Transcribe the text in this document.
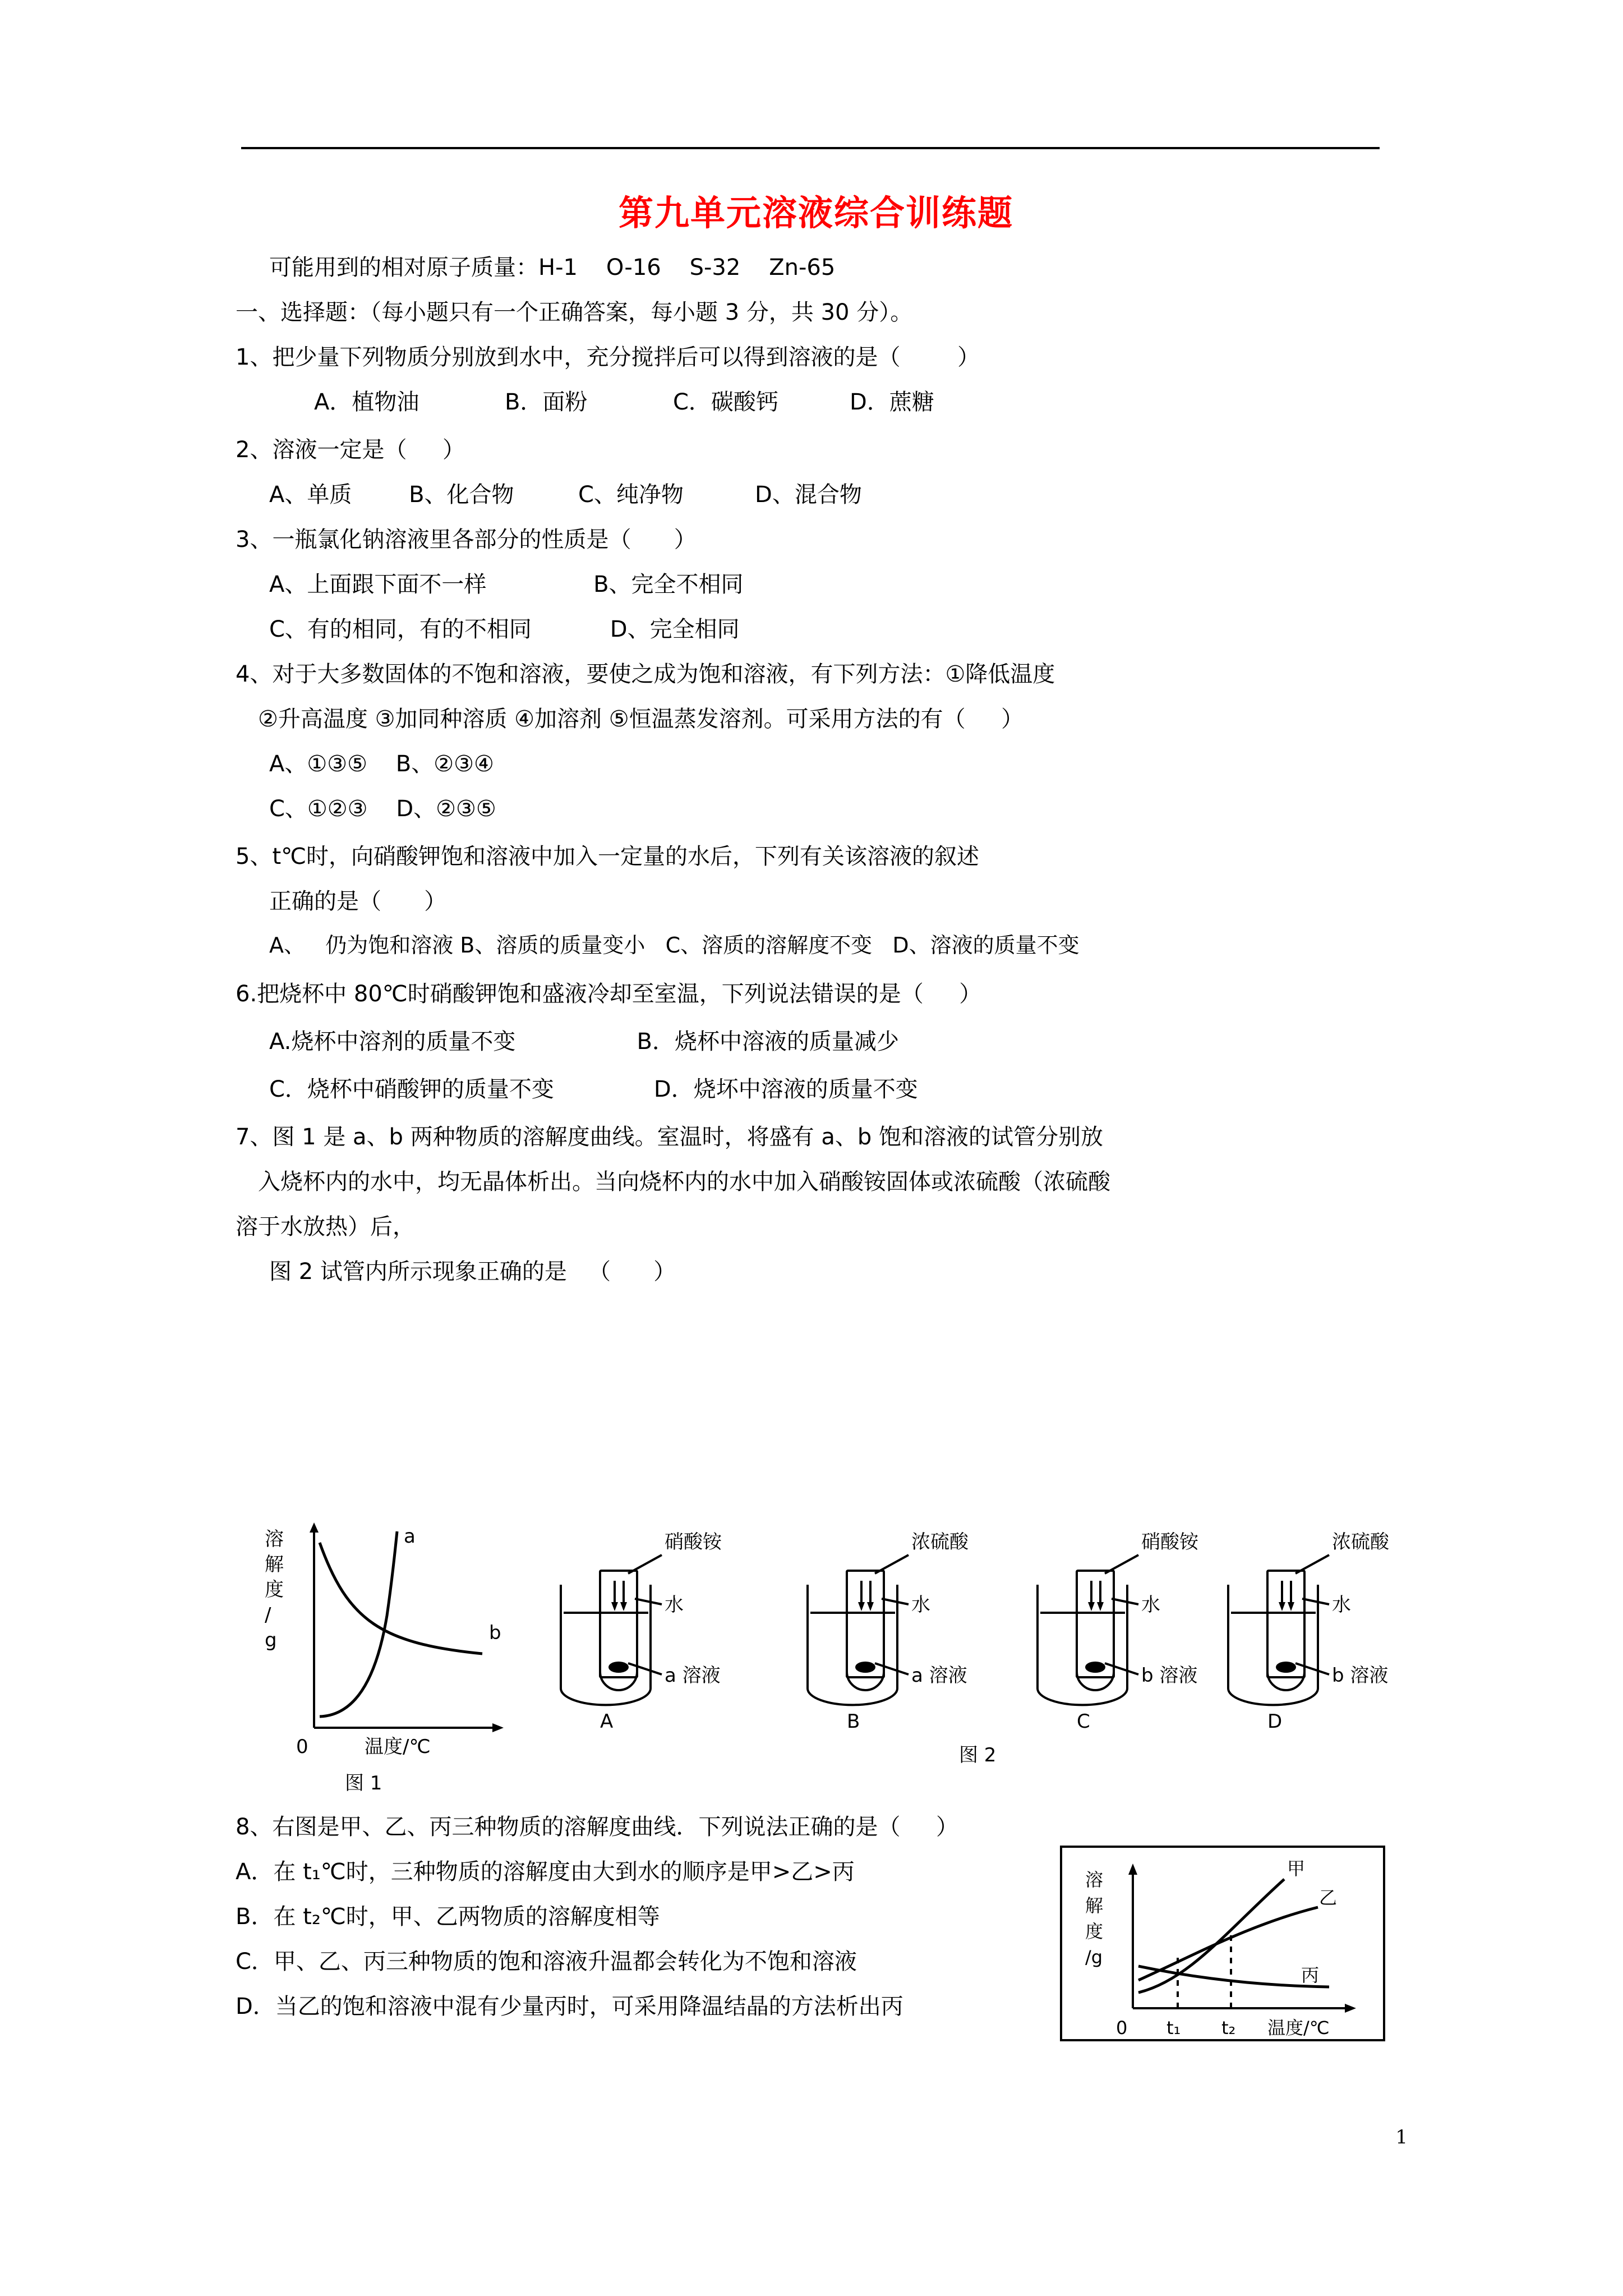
第九单元溶液综合训练题
可能用到的相对原子质量：H-1    O-16    S-32    Zn-65
一、选择题：（每小题只有一个正确答案，每小题 3 分，共 30 分）。
1、把少量下列物质分别放到水中，充分搅拌后可以得到溶液的是（        ）
A．植物油            B．面粉            C．碳酸钙          D．蔗糖
2、溶液一定是（     ）
A、单质        B、化合物         C、纯净物          D、混合物
3、一瓶氯化钠溶液里各部分的性质是（      ）
A、上面跟下面不一样               B、完全不相同
C、有的相同，有的不相同           D、完全相同
4、对于大多数固体的不饱和溶液，要使之成为饱和溶液，有下列方法：①降低温度
②升高温度 ③加同种溶质 ④加溶剂 ⑤恒温蒸发溶剂。可采用方法的有（     ）
A、①③⑤    B、②③④
C、①②③    D、②③⑤
5、t℃时，向硝酸钾饱和溶液中加入一定量的水后，下列有关该溶液的叙述
正确的是（      ）
A、   仍为饱和溶液 B、溶质的质量变小   C、溶质的溶解度不变   D、溶液的质量不变
6.把烧杯中 80℃时硝酸钾饱和盛液冷却至室温，下列说法错误的是（     ）
A.烧杯中溶剂的质量不变                 B．烧杯中溶液的质量减少
C．烧杯中硝酸钾的质量不变              D．烧坏中溶液的质量不变
7、图 1 是 a、b 两种物质的溶解度曲线。室温时，将盛有 a、b 饱和溶液的试管分别放
入烧杯内的水中，均无晶体析出。当向烧杯内的水中加入硝酸铵固体或浓硫酸（浓硫酸
溶于水放热）后，
图 2 试管内所示现象正确的是   （      ）
溶
解
度
/
g
a
b
0	温度/℃
图 1
硝酸铵
水
a 溶液
A
浓硫酸
水
a 溶液
B
硝酸铵
水
b 溶液
C
浓硫酸
水
b 溶液
D
图 2
8、右图是甲、乙、丙三种物质的溶解度曲线．下列说法正确的是（     ）
A．在 t₁℃时，三种物质的溶解度由大到水的顺序是甲>乙>丙
B．在 t₂℃时，甲、乙两物质的溶解度相等
C．甲、乙、丙三种物质的饱和溶液升温都会转化为不饱和溶液
D．当乙的饱和溶液中混有少量丙时，可采用降温结晶的方法析出丙
溶
解
度
/g
甲
乙
丙
0 t₁ t₂ 温度/℃
1
